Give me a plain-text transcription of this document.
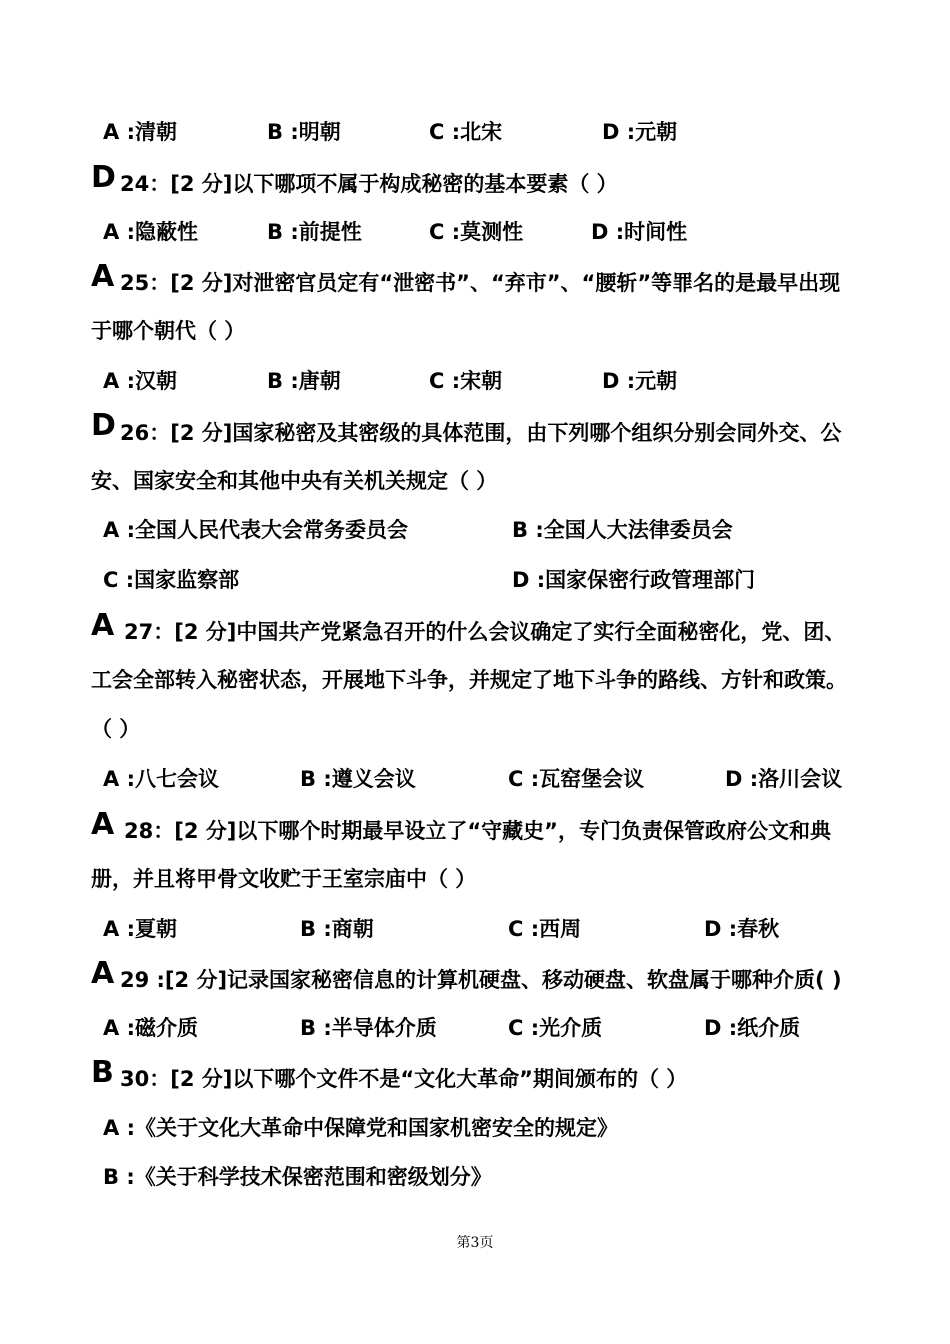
A :清朝	B :明朝	C :北宋	D :元朝
D 24：[2 分]以下哪项不属于构成秘密的基本要素（ ）
A :隐蔽性	B :前提性	C :莫测性	D :时间性
A 25：[2 分]对泄密官员定有“泄密书”、“弃市”、“腰斩”等罪名的是最早出现
于哪个朝代（ ）
A :汉朝	B :唐朝	C :宋朝	D :元朝
D 26：[2 分]国家秘密及其密级的具体范围，由下列哪个组织分别会同外交、公
安、国家安全和其他中央有关机关规定（ ）
A :全国人民代表大会常务委员会	B :全国人大法律委员会
C :国家监察部	D :国家保密行政管理部门
A 27：[2 分]中国共产党紧急召开的什么会议确定了实行全面秘密化，党、团、
工会全部转入秘密状态，开展地下斗争，并规定了地下斗争的路线、方针和政策。
（ ）
A :八七会议	B :遵义会议	C :瓦窑堡会议	D :洛川会议
A 28：[2 分]以下哪个时期最早设立了“守藏史”，专门负责保管政府公文和典
册，并且将甲骨文收贮于王室宗庙中（ ）
A :夏朝	B :商朝	C :西周	D :春秋
A 29 :[2 分]记录国家秘密信息的计算机硬盘、移动硬盘、软盘属于哪种介质( )
A :磁介质	B :半导体介质	C :光介质	D :纸介质
B 30：[2 分]以下哪个文件不是“文化大革命”期间颁布的（ ）
A :《关于文化大革命中保障党和国家机密安全的规定》
B :《关于科学技术保密范围和密级划分》
第3页
